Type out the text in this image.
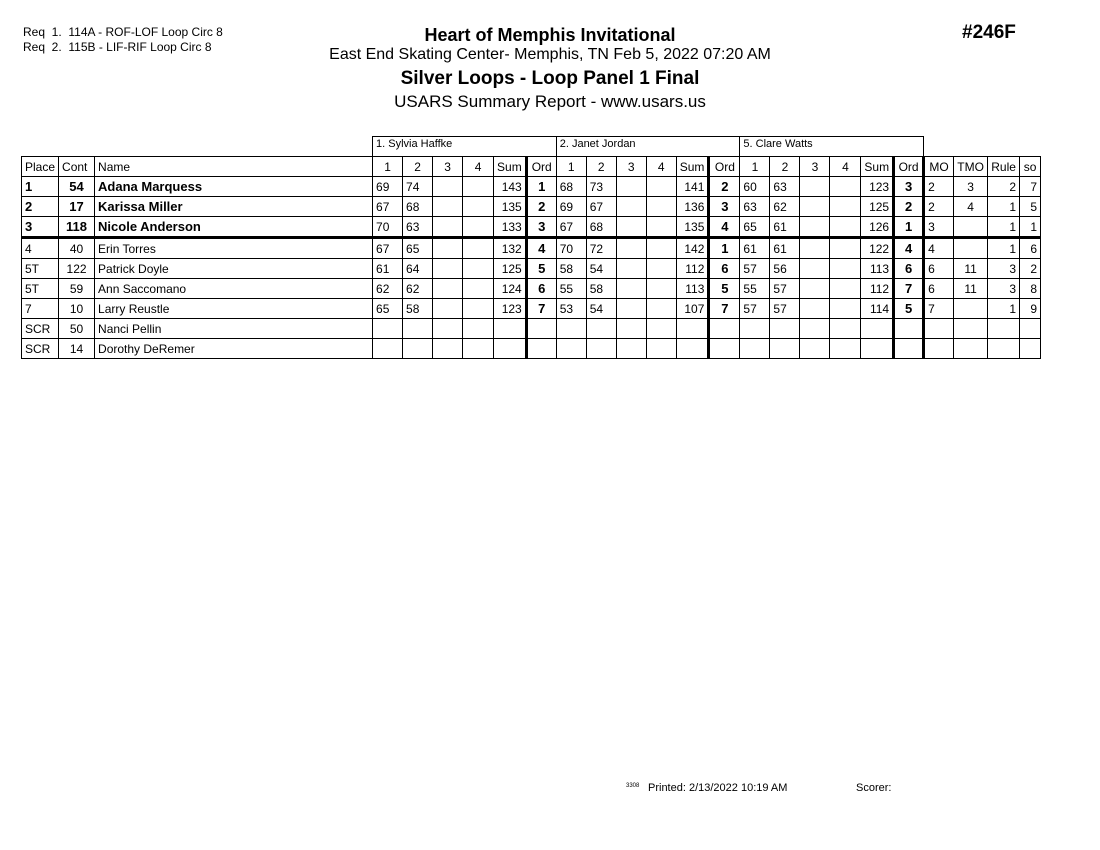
Req  1.  114A - ROF-LOF Loop Circ 8
Req  2.  115B - LIF-RIF Loop Circ 8
Heart of Memphis Invitational
East End Skating Center- Memphis, TN Feb 5, 2022 07:20 AM
Silver Loops - Loop Panel 1 Final
USARS Summary Report - www.usars.us
#246F
			1. Sylvia Haffke						2. Janet Jordan						5. Clare Watts									
Place	Cont	Name	1	2	3	4	Sum	Ord	1	2	3	4	Sum	Ord	1	2	3	4	Sum	Ord	MO	TMO	Rule	so
1	54	Adana Marquess	69	74			143	1	68	73			141	2	60	63			123	3	2	3	2	7
2	17	Karissa Miller	67	68			135	2	69	67			136	3	63	62			125	2	2	4	1	5
3	118	Nicole Anderson	70	63			133	3	67	68			135	4	65	61			126	1	3		1	1
4	40	Erin Torres	67	65			132	4	70	72			142	1	61	61			122	4	4		1	6
5T	122	Patrick Doyle	61	64			125	5	58	54			112	6	57	56			113	6	6	11	3	2
5T	59	Ann Saccomano	62	62			124	6	55	58			113	5	55	57			112	7	6	11	3	8
7	10	Larry Reustle	65	58			123	7	53	54			107	7	57	57			114	5	7		1	9
SCR	50	Nanci Pellin																						
SCR	14	Dorothy DeRemer																						
3308 Printed: 2/13/2022 10:19 AM	Scorer:
